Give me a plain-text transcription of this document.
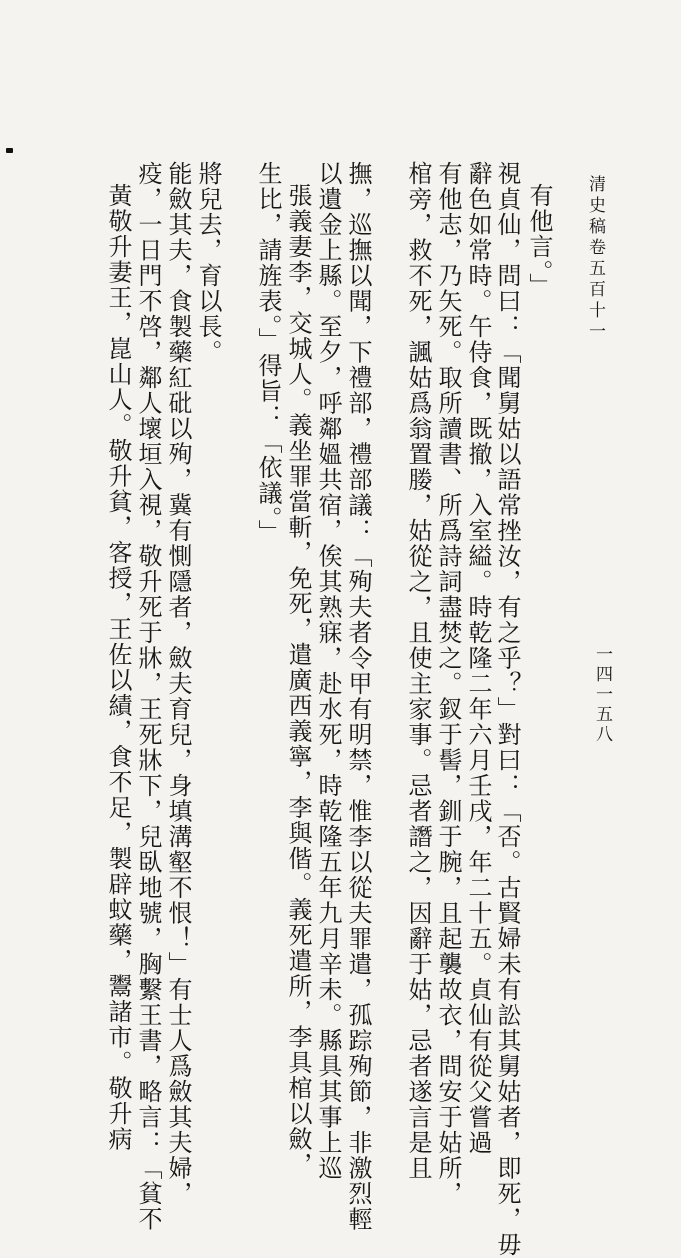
清史稿卷五百十一
一四一五八
有他言。」
視貞仙，問曰：「聞舅姑以語常挫汝，有之乎？」對曰：「否。古賢婦未有訟其舅姑者，即死，毋
辭色如常時。午侍食，既撤，入室縊。時乾隆二年六月壬戌，年二十五。貞仙有從父嘗過
有他志，乃矢死。取所讀書、所爲詩詞盡焚之。釵于髻，釧于腕，且起襲故衣，問安于姑所，
棺旁，救不死，諷姑爲翁置媵，姑從之，且使主家事。忌者譖之，因辭于姑，忌者遂言是且
撫，巡撫以聞，下禮部，禮部議：「殉夫者令甲有明禁，惟李以從夫罪遣，孤踪殉節，非激烈輕
以遺金上縣。至夕，呼鄰媼共宿，俟其熟寐，赴水死，時乾隆五年九月辛未。縣具其事上巡
張義妻李，交城人。義坐罪當斬，免死，遣廣西義寧，李與偕。義死遣所，李具棺以斂，
生比，請旌表。」得旨：「依議。」
將兒去，育以長。
能斂其夫，食製藥紅砒以殉，冀有惻隱者，斂夫育兒，身填溝壑不恨！」有士人爲斂其夫婦，
疫，一日門不啓，鄰人壞垣入視，敬升死于牀，王死牀下，兒臥地號，胸繫王書，略言：「貧不
黃敬升妻王，崑山人。敬升貧，客授，王佐以績，食不足，製辟蚊藥，鬻諸市。敬升病
